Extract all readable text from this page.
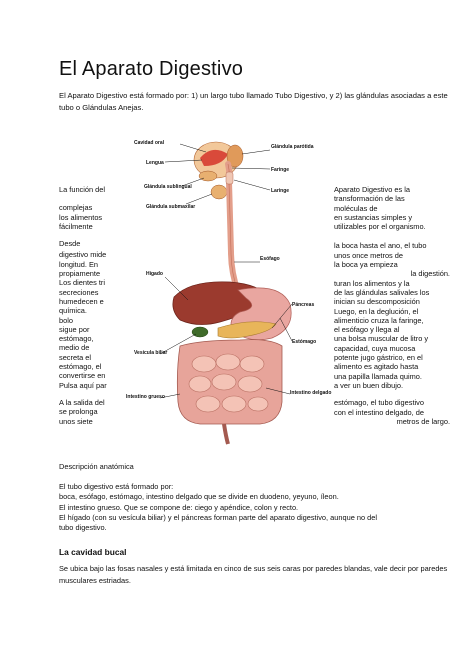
El Aparato Digestivo
El Aparato Digestivo está formado por: 1) un largo tubo llamado Tubo Digestivo, y 2) las glándulas asociadas a este tubo o Glándulas Anejas.

La función del

complejas

los alimentos

fácilmente

Desde

digestivo mide

longitud. En

propiamente

Los dientes tri

secreciones

humedecen e

química.

bolo

sigue por

estómago,

medio de

secreta el

estómago, el

convertirse en

Pulsa aquí par

A la salida del

se prolonga

unos siete

Aparato Digestivo es la

transformación de las

moléculas de

en sustancias simples y

utilizables por el organismo.

la boca hasta el ano, el tubo

unos once metros de

la boca ya empieza

la digestión.

turan los alimentos y la

de las glándulas salivales los

inician su descomposición

Luego, en la deglución, el

alimenticio cruza la faringe,

el esófago y llega al

una bolsa muscular de litro y

capacidad, cuya mucosa

potente jugo gástrico, en el

alimento es agitado hasta

una papilla llamada quimo.

a ver un buen dibujo.

estómago, el tubo digestivo

con el intestino delgado, de

metros de largo.

Cavidad oral
Lengua
Glándula sublingual
Glándula submaxilar
Glándula parótida
Faringe
Laringe
Esófago
Hígado
Páncreas
Estómago
Vesícula biliar
Intestino grueso
Intestino delgado
Descripción anatómica
El tubo digestivo está formado por:
boca, esófago, estómago, intestino delgado que se divide en duodeno, yeyuno, íleon.
El intestino grueso. Que se compone de: ciego y apéndice, colon y recto.
El hígado (con su vesícula biliar) y el páncreas forman parte del aparato digestivo, aunque no del
tubo digestivo.
La cavidad bucal
Se ubica bajo las fosas nasales y está limitada en cinco de sus seis caras por paredes blandas, vale decir por paredes musculares estriadas.
